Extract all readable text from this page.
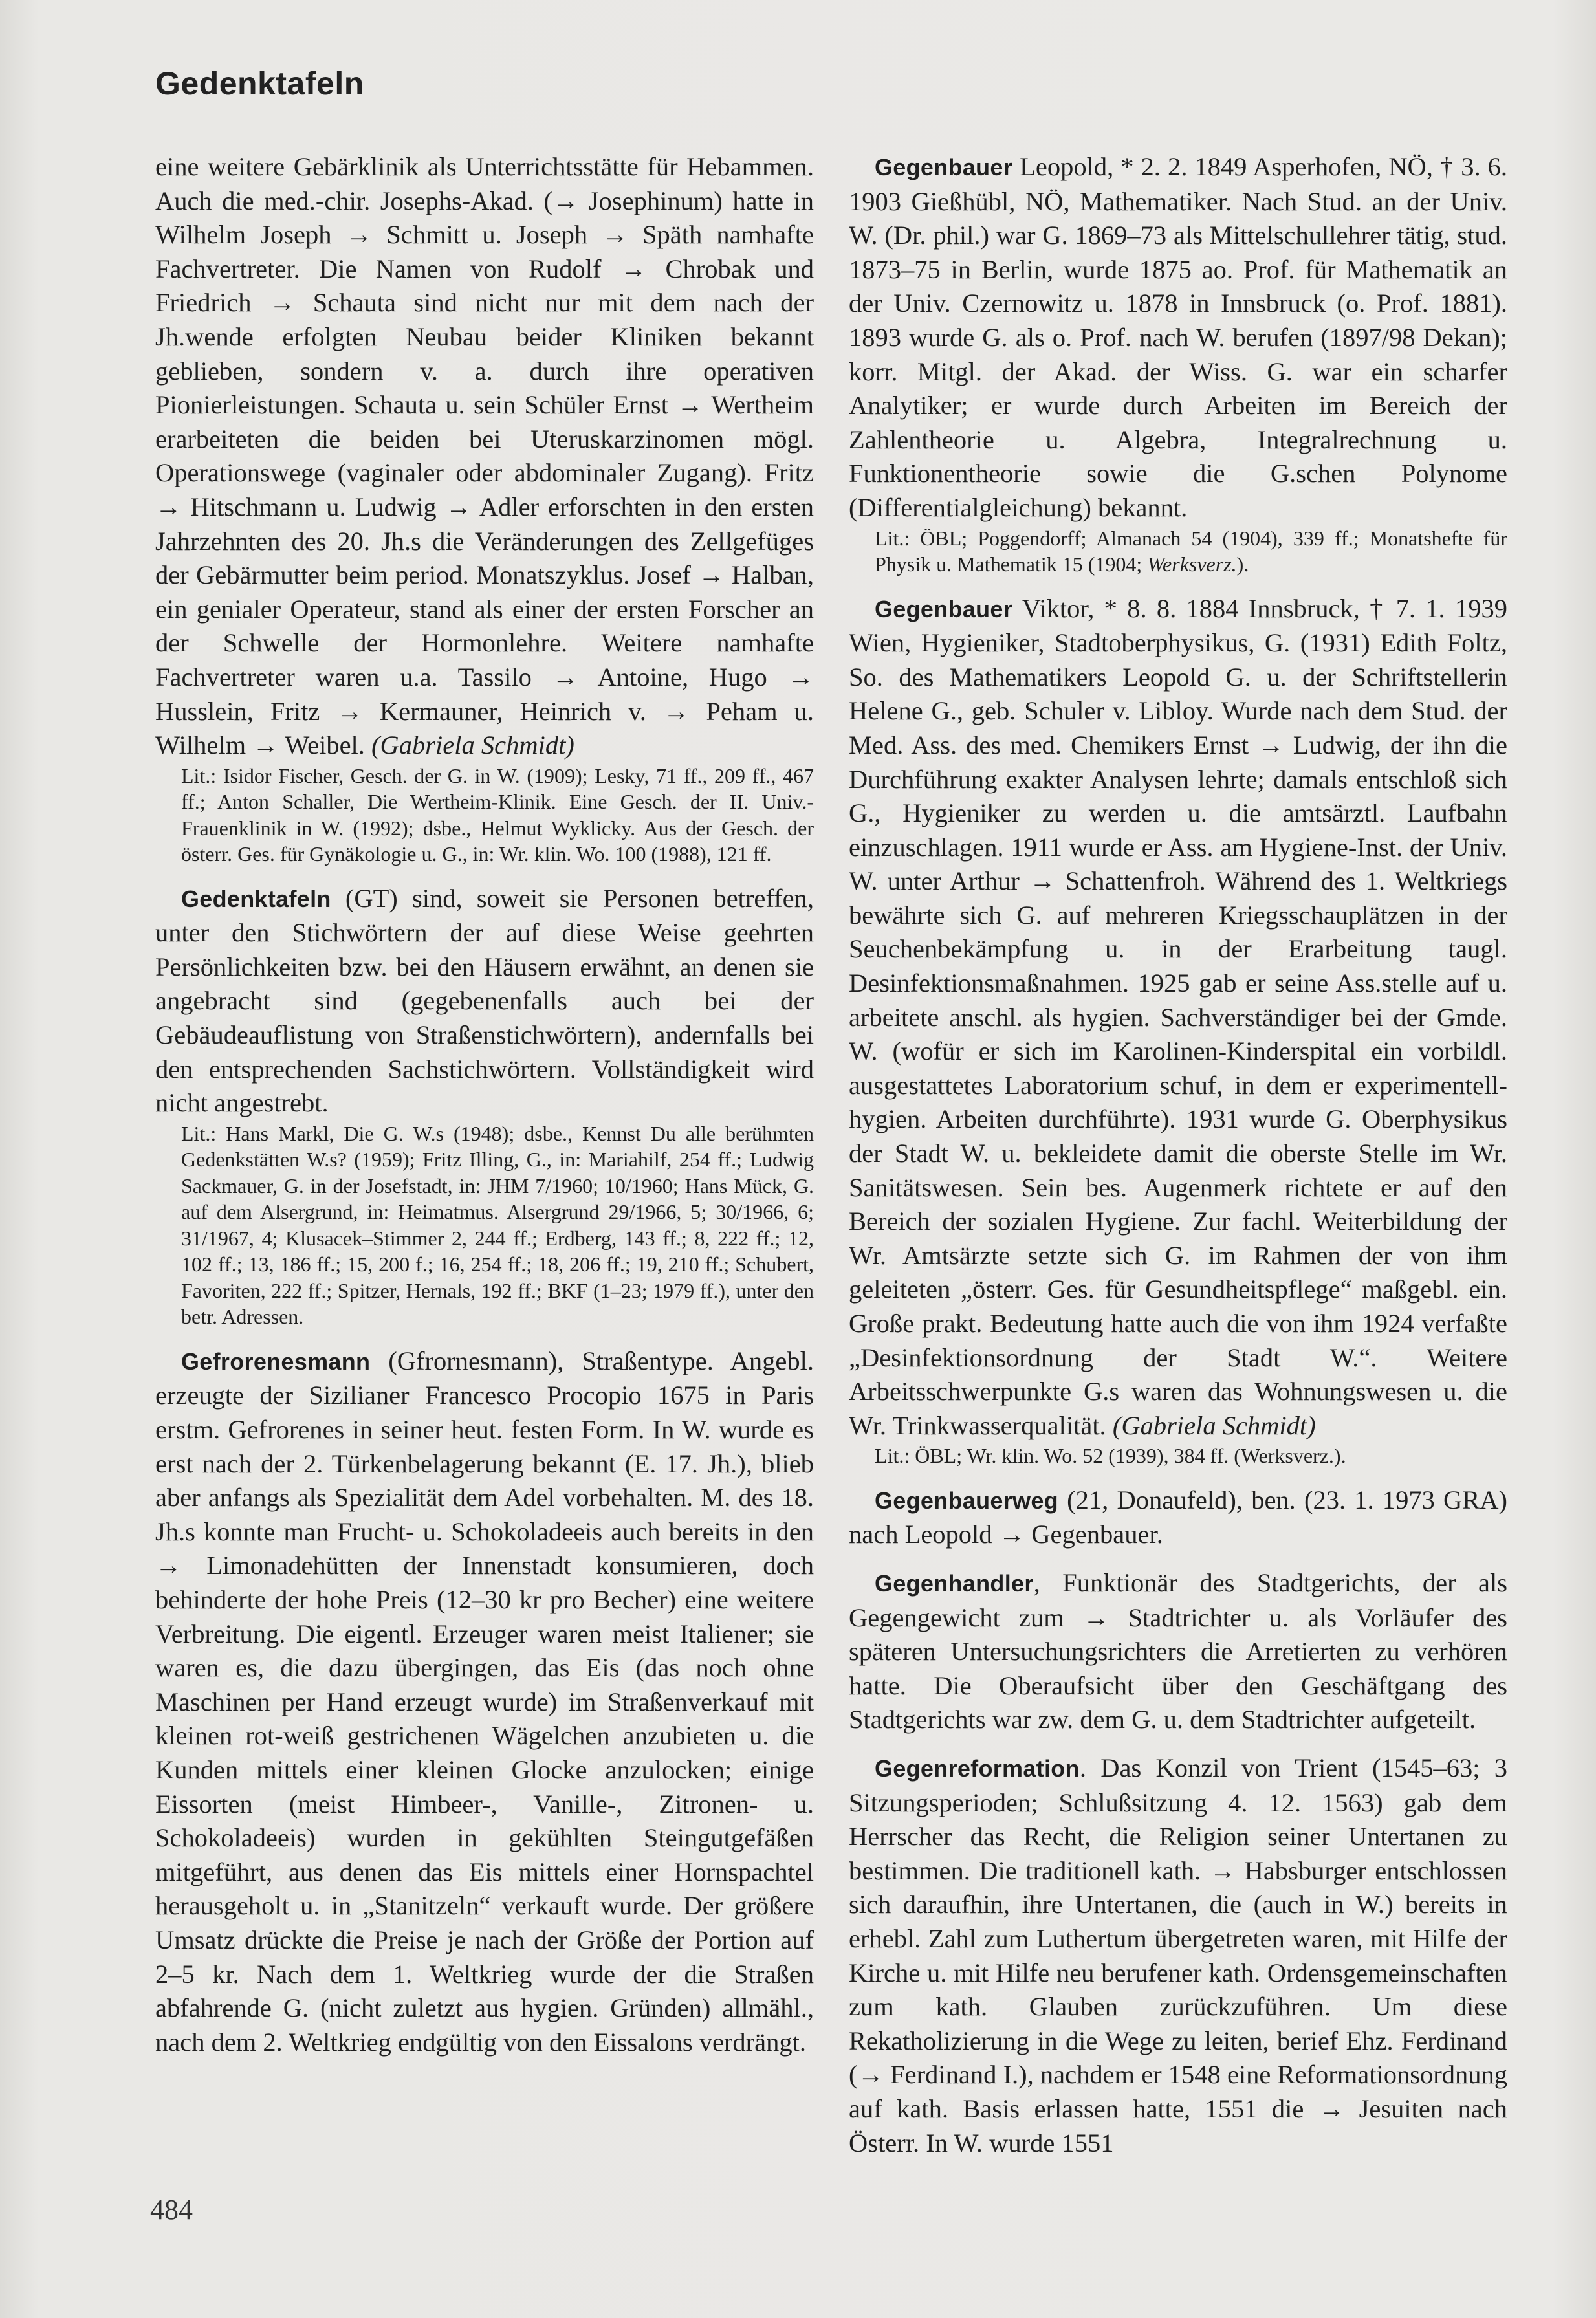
Gedenktafeln

eine weitere Gebärklinik als Unterrichtsstätte für Hebammen. Auch die med.-chir. Josephs-Akad. (→ Josephinum) hatte in Wilhelm Joseph → Schmitt u. Joseph → Späth namhafte Fachvertreter. Die Namen von Rudolf → Chrobak und Friedrich → Schauta sind nicht nur mit dem nach der Jh.wende erfolgten Neubau beider Kliniken bekannt geblieben, sondern v. a. durch ihre operativen Pionierleistungen. Schauta u. sein Schüler Ernst → Wertheim erarbeiteten die beiden bei Uteruskarzinomen mögl. Operationswege (vaginaler oder abdominaler Zugang). Fritz → Hitschmann u. Ludwig → Adler erforschten in den ersten Jahrzehnten des 20. Jh.s die Veränderungen des Zellgefüges der Gebärmutter beim period. Monatszyklus. Josef → Halban, ein genialer Operateur, stand als einer der ersten Forscher an der Schwelle der Hormonlehre. Weitere namhafte Fachvertreter waren u.a. Tassilo → Antoine, Hugo → Husslein, Fritz → Kermauner, Heinrich v. → Peham u. Wilhelm → Weibel. (Gabriela Schmidt)

Lit.: Isidor Fischer, Gesch. der G. in W. (1909); Lesky, 71 ff., 209 ff., 467 ff.; Anton Schaller, Die Wertheim-Klinik. Eine Gesch. der II. Univ.-Frauenklinik in W. (1992); dsbe., Helmut Wyklicky. Aus der Gesch. der österr. Ges. für Gynäkologie u. G., in: Wr. klin. Wo. 100 (1988), 121 ff.

Gedenktafeln (GT) sind, soweit sie Personen betreffen, unter den Stichwörtern der auf diese Weise geehrten Persönlichkeiten bzw. bei den Häusern erwähnt, an denen sie angebracht sind (gegebenenfalls auch bei der Gebäudeauflistung von Straßenstichwörtern), andernfalls bei den entsprechenden Sachstichwörtern. Vollständigkeit wird nicht angestrebt.

Lit.: Hans Markl, Die G. W.s (1948); dsbe., Kennst Du alle berühmten Gedenkstätten W.s? (1959); Fritz Illing, G., in: Mariahilf, 254 ff.; Ludwig Sackmauer, G. in der Josefstadt, in: JHM 7/1960; 10/1960; Hans Mück, G. auf dem Alsergrund, in: Heimatmus. Alsergrund 29/1966, 5; 30/1966, 6; 31/1967, 4; Klusacek–Stimmer 2, 244 ff.; Erdberg, 143 ff.; 8, 222 ff.; 12, 102 ff.; 13, 186 ff.; 15, 200 f.; 16, 254 ff.; 18, 206 ff.; 19, 210 ff.; Schubert, Favoriten, 222 ff.; Spitzer, Hernals, 192 ff.; BKF (1–23; 1979 ff.), unter den betr. Adressen.

Gefrorenesmann (Gfrornesmann), Straßentype. Angebl. erzeugte der Sizilianer Francesco Procopio 1675 in Paris erstm. Gefrorenes in seiner heut. festen Form. In W. wurde es erst nach der 2. Türkenbelagerung bekannt (E. 17. Jh.), blieb aber anfangs als Spezialität dem Adel vorbehalten. M. des 18. Jh.s konnte man Frucht- u. Schokoladeeis auch bereits in den → Limonadehütten der Innenstadt konsumieren, doch behinderte der hohe Preis (12–30 kr pro Becher) eine weitere Verbreitung. Die eigentl. Erzeuger waren meist Italiener; sie waren es, die dazu übergingen, das Eis (das noch ohne Maschinen per Hand erzeugt wurde) im Straßenverkauf mit kleinen rot-weiß gestrichenen Wägelchen anzubieten u. die Kunden mittels einer kleinen Glocke anzulocken; einige Eissorten (meist Himbeer-, Vanille-, Zitronen- u. Schokoladeeis) wurden in gekühlten Steingutgefäßen mitgeführt, aus denen das Eis mittels einer Hornspachtel herausgeholt u. in „Stanitzeln“ verkauft wurde. Der größere Umsatz drückte die Preise je nach der Größe der Portion auf 2–5 kr. Nach dem 1. Weltkrieg wurde der die Straßen abfahrende G. (nicht zuletzt aus hygien. Gründen) allmähl., nach dem 2. Weltkrieg endgültig von den Eissalons verdrängt.

Gegenbauer Leopold, * 2. 2. 1849 Asperhofen, NÖ, † 3. 6. 1903 Gießhübl, NÖ, Mathematiker. Nach Stud. an der Univ. W. (Dr. phil.) war G. 1869–73 als Mittelschullehrer tätig, stud. 1873–75 in Berlin, wurde 1875 ao. Prof. für Mathematik an der Univ. Czernowitz u. 1878 in Innsbruck (o. Prof. 1881). 1893 wurde G. als o. Prof. nach W. berufen (1897/98 Dekan); korr. Mitgl. der Akad. der Wiss. G. war ein scharfer Analytiker; er wurde durch Arbeiten im Bereich der Zahlentheorie u. Algebra, Integralrechnung u. Funktionentheorie sowie die G.schen Polynome (Differentialgleichung) bekannt.

Lit.: ÖBL; Poggendorff; Almanach 54 (1904), 339 ff.; Monatshefte für Physik u. Mathematik 15 (1904; Werksverz.).

Gegenbauer Viktor, * 8. 8. 1884 Innsbruck, † 7. 1. 1939 Wien, Hygieniker, Stadtoberphysikus, G. (1931) Edith Foltz, So. des Mathematikers Leopold G. u. der Schriftstellerin Helene G., geb. Schuler v. Libloy. Wurde nach dem Stud. der Med. Ass. des med. Chemikers Ernst → Ludwig, der ihn die Durchführung exakter Analysen lehrte; damals entschloß sich G., Hygieniker zu werden u. die amtsärztl. Laufbahn einzuschlagen. 1911 wurde er Ass. am Hygiene-Inst. der Univ. W. unter Arthur → Schattenfroh. Während des 1. Weltkriegs bewährte sich G. auf mehreren Kriegsschauplätzen in der Seuchenbekämpfung u. in der Erarbeitung taugl. Desinfektionsmaßnahmen. 1925 gab er seine Ass.stelle auf u. arbeitete anschl. als hygien. Sachverständiger bei der Gmde. W. (wofür er sich im Karolinen-Kinderspital ein vorbildl. ausgestattetes Laboratorium schuf, in dem er experimentell-hygien. Arbeiten durchführte). 1931 wurde G. Oberphysikus der Stadt W. u. bekleidete damit die oberste Stelle im Wr. Sanitätswesen. Sein bes. Augenmerk richtete er auf den Bereich der sozialen Hygiene. Zur fachl. Weiterbildung der Wr. Amtsärzte setzte sich G. im Rahmen der von ihm geleiteten „österr. Ges. für Gesundheitspflege“ maßgebl. ein. Große prakt. Bedeutung hatte auch die von ihm 1924 verfaßte „Desinfektionsordnung der Stadt W.“. Weitere Arbeitsschwerpunkte G.s waren das Wohnungswesen u. die Wr. Trinkwasserqualität. (Gabriela Schmidt)

Lit.: ÖBL; Wr. klin. Wo. 52 (1939), 384 ff. (Werksverz.).

Gegenbauerweg (21, Donaufeld), ben. (23. 1. 1973 GRA) nach Leopold → Gegenbauer.

Gegenhandler, Funktionär des Stadtgerichts, der als Gegengewicht zum → Stadtrichter u. als Vorläufer des späteren Untersuchungsrichters die Arretierten zu verhören hatte. Die Oberaufsicht über den Geschäftgang des Stadtgerichts war zw. dem G. u. dem Stadtrichter aufgeteilt.

Gegenreformation. Das Konzil von Trient (1545–63; 3 Sitzungsperioden; Schlußsitzung 4. 12. 1563) gab dem Herrscher das Recht, die Religion seiner Untertanen zu bestimmen. Die traditionell kath. → Habsburger entschlossen sich daraufhin, ihre Untertanen, die (auch in W.) bereits in erhebl. Zahl zum Luthertum übergetreten waren, mit Hilfe der Kirche u. mit Hilfe neu berufener kath. Ordensgemeinschaften zum kath. Glauben zurückzuführen. Um diese Rekatholizierung in die Wege zu leiten, berief Ehz. Ferdinand (→ Ferdinand I.), nachdem er 1548 eine Reformationsordnung auf kath. Basis erlassen hatte, 1551 die → Jesuiten nach Österr. In W. wurde 1551

484
